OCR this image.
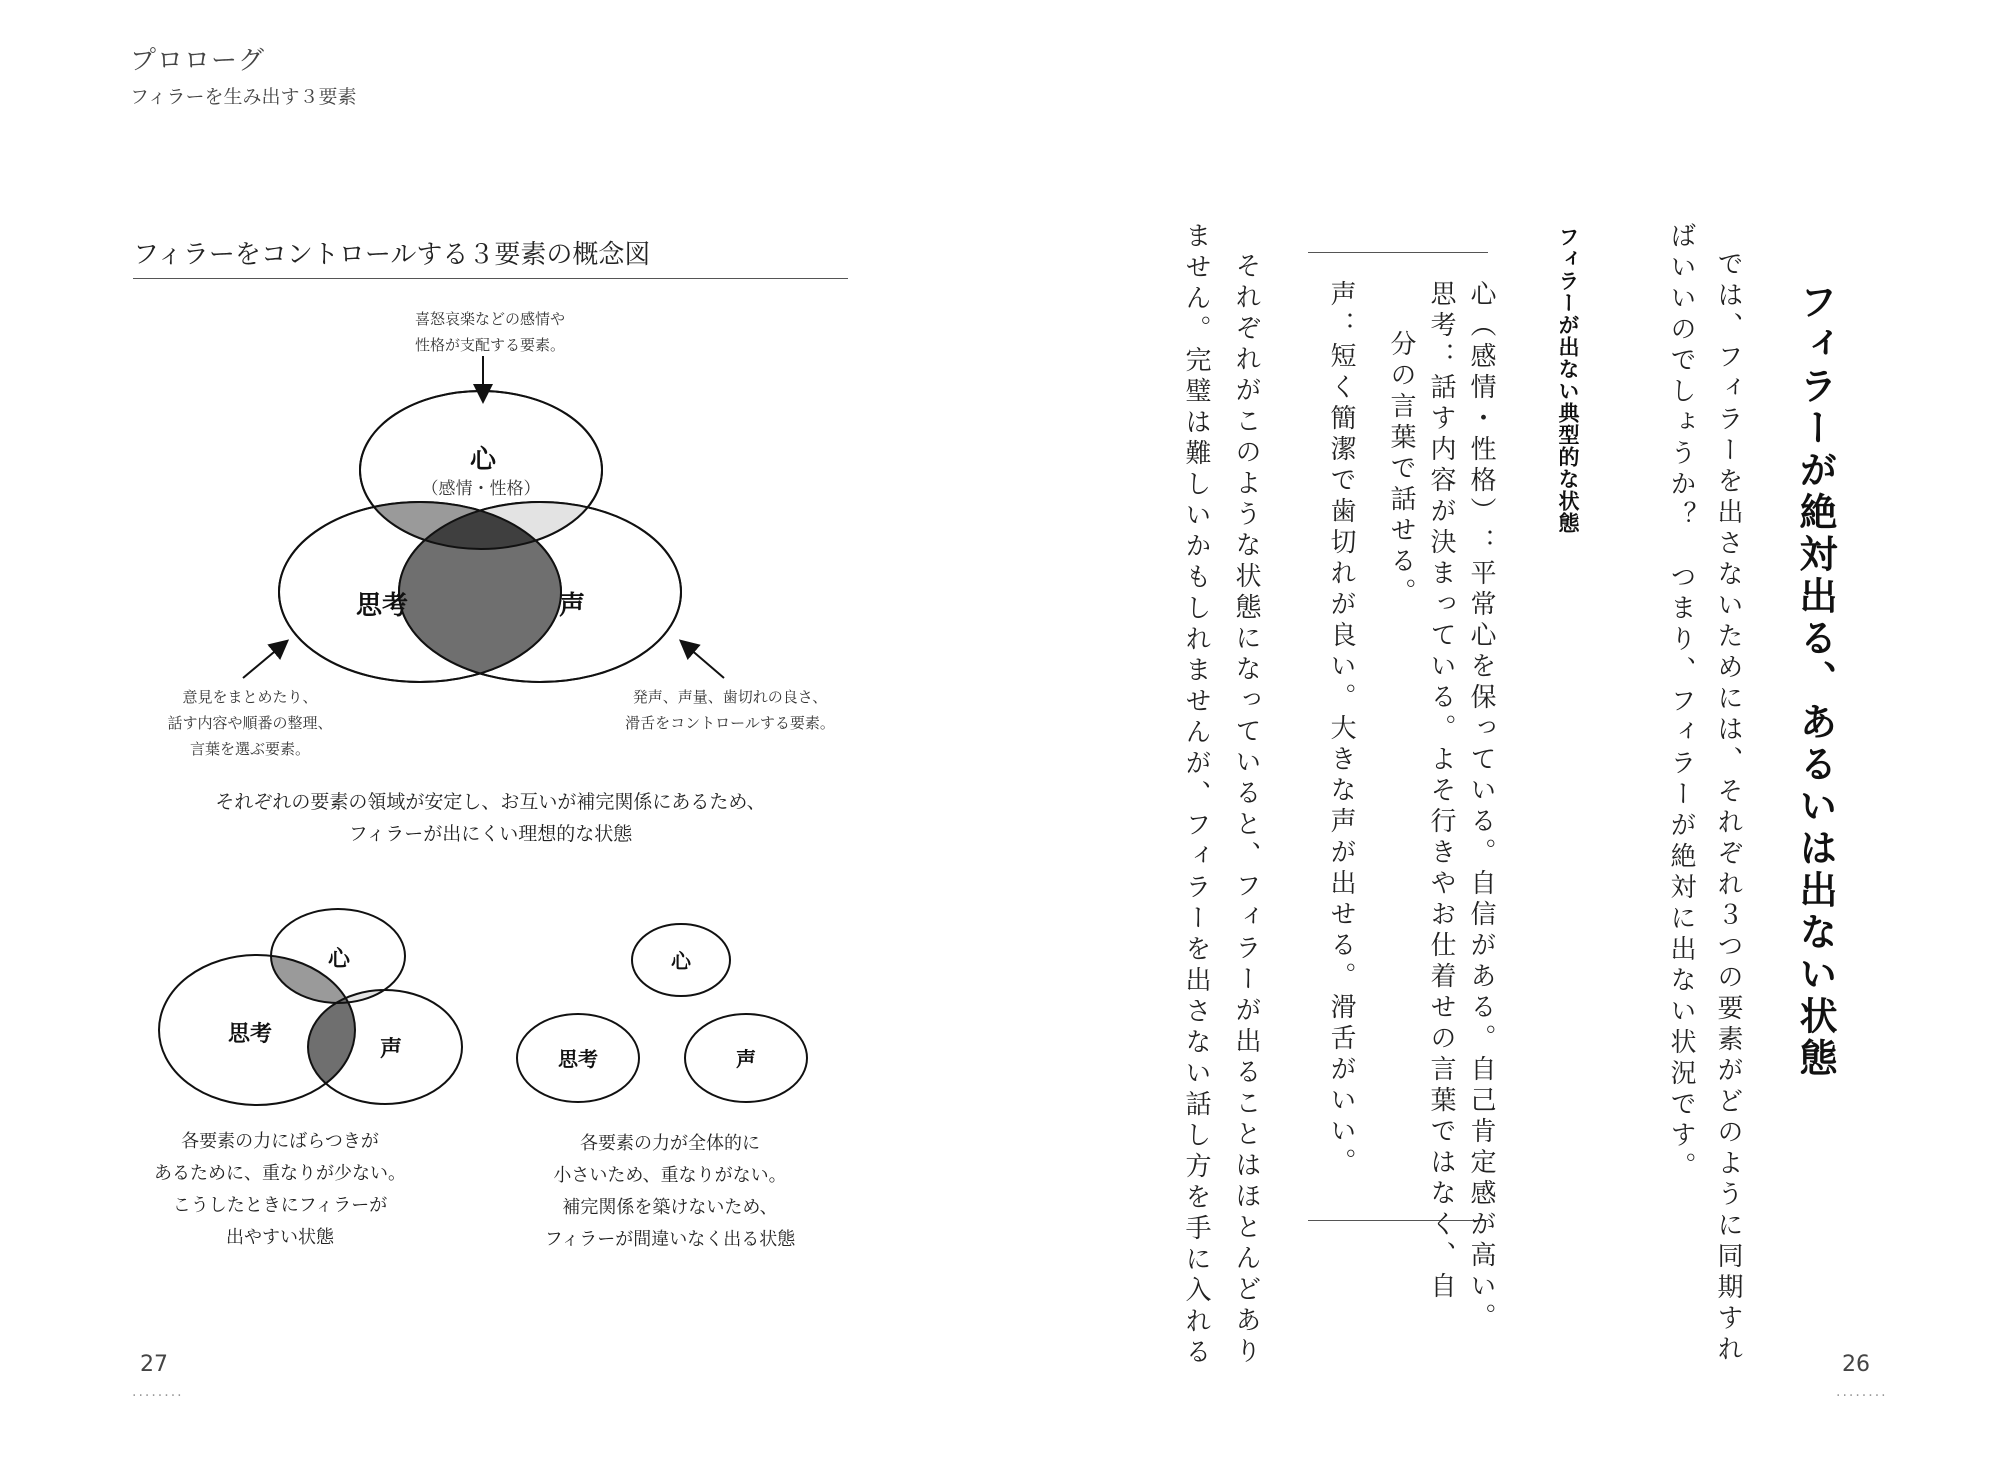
プロローグ
フィラーを生み出す３要素
フィラーをコントロールする３要素の概念図
喜怒哀楽などの感情や
性格が支配する要素。
心
（感情・性格）
思考	声
意見をまとめたり、
話す内容や順番の整理、
言葉を選ぶ要素。
発声、声量、歯切れの良さ、
滑舌をコントロールする要素。
それぞれの要素の領域が安定し、お互いが補完関係にあるため、
フィラーが出にくい理想的な状態
心
思考
声
心
思考	声
各要素の力にばらつきが
あるために、重なりが少ない。
こうしたときにフィラーが
出やすい状態
各要素の力が全体的に
小さいため、重なりがない。
補完関係を築けないため、
フィラーが間違いなく出る状態
フィラーが絶対出る、あるいは出ない状態
では、フィラーを出さないためには、それぞれ３つの要素がどのように同期すれ
ばいいのでしょうか？　つまり、フィラーが絶対に出ない状況です。
フィラーが出ない典型的な状態
心（感情・性格）：平常心を保っている。自信がある。自己肯定感が高い。
思考：話す内容が決まっている。よそ行きやお仕着せの言葉ではなく、自
分の言葉で話せる。
声：短く簡潔で歯切れが良い。大きな声が出せる。滑舌がいい。
それぞれがこのような状態になっていると、フィラーが出ることはほとんどあり
ません。完璧は難しいかもしれませんが、フィラーを出さない話し方を手に入れる
27
........
26
........
